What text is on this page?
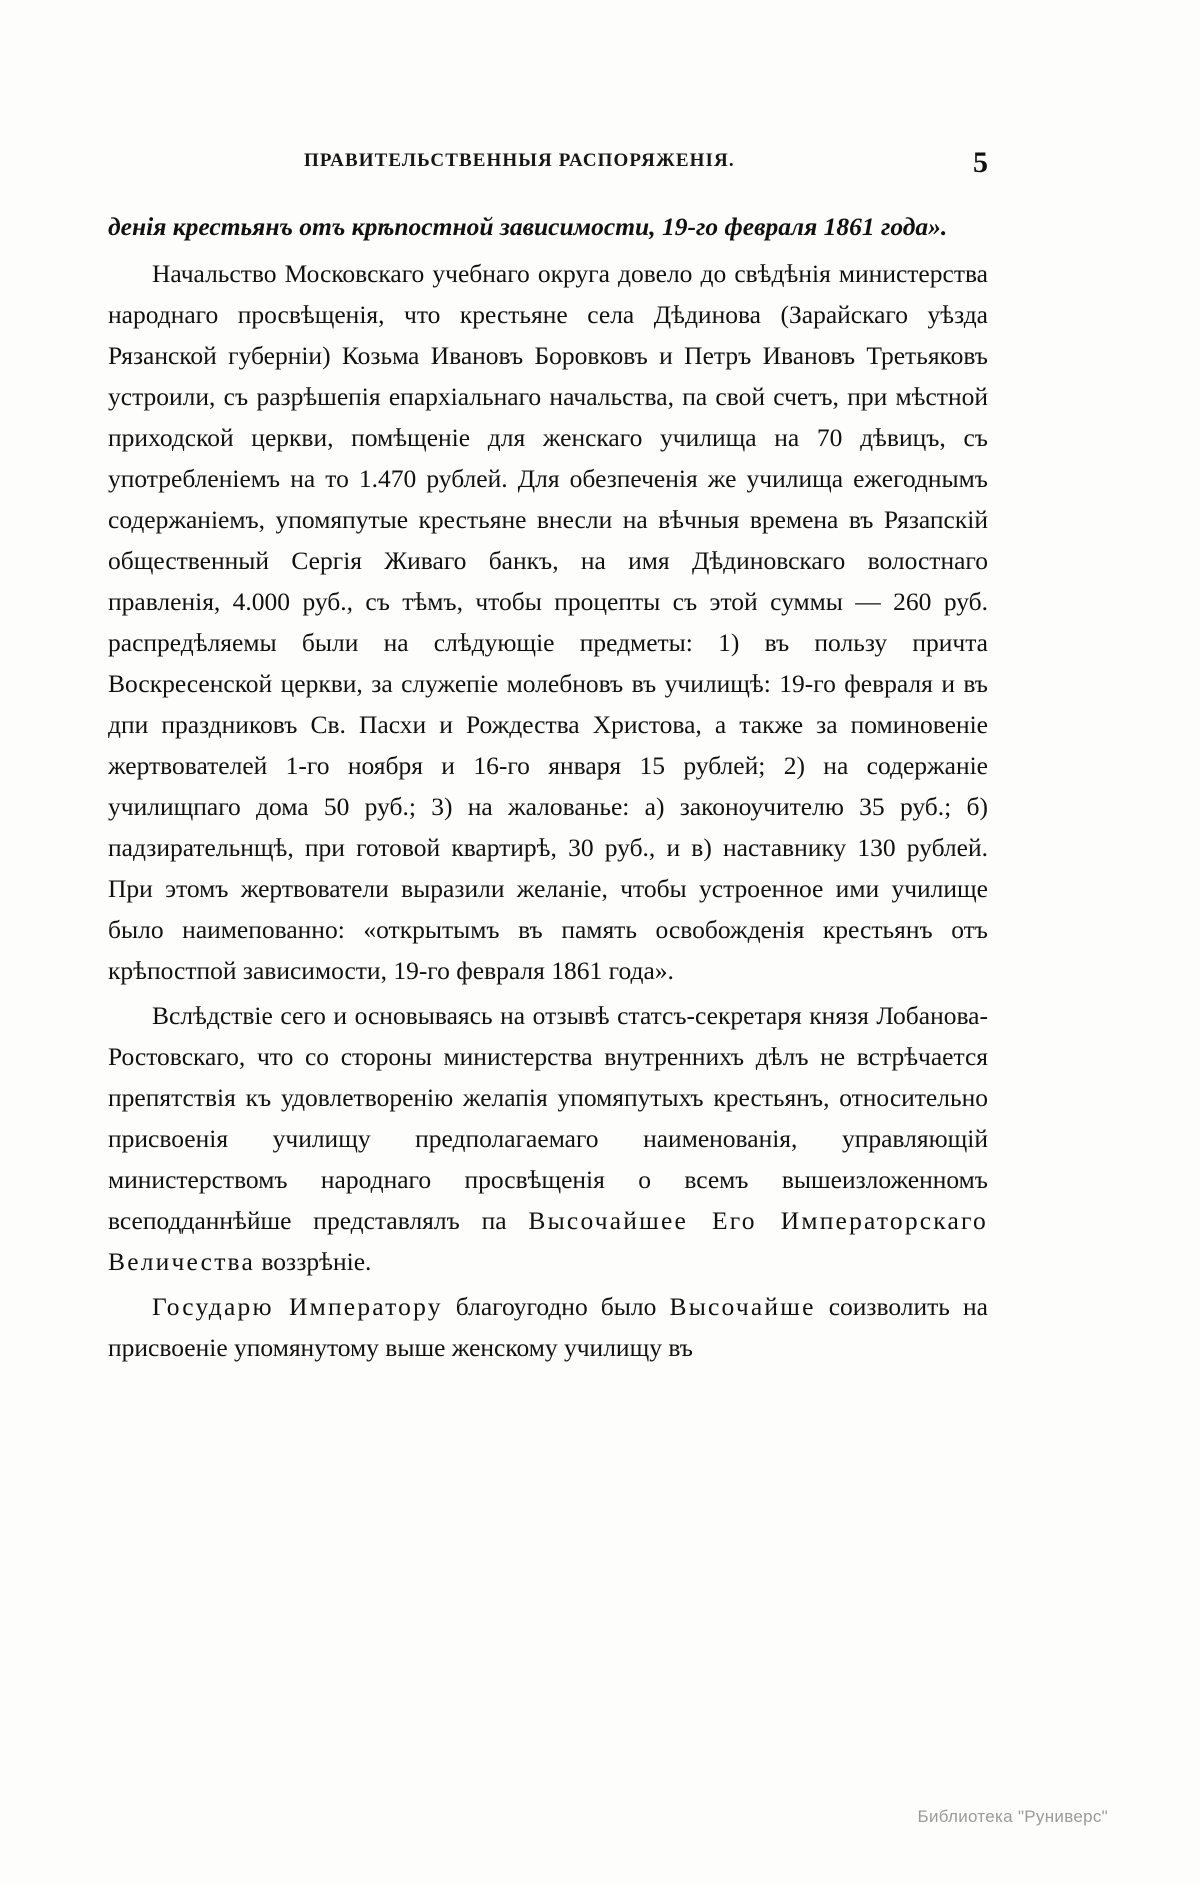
ПРАВИТЕЛЬСТВЕННЫЯ РАСПОРЯЖЕНІЯ.	5

денія крестьянъ отъ крѣпостной зависимости, 19-го февраля 1861 года».

Начальство Московскаго учебнаго округа довело до свѣдѣнія министерства народнаго просвѣщенія, что крестьяне села Дѣдинова (Зарайскаго уѣзда Рязанской губерніи) Козьма Ивановъ Боровковъ и Петръ Ивановъ Третьяковъ устроили, съ разрѣшепія епархіальнаго начальства, па свой счетъ, при мѣстной приходской церкви, помѣщеніе для женскаго училища на 70 дѣвицъ, съ употребленіемъ на то 1.470 рублей. Для обезпеченія же училища ежегоднымъ содержаніемъ, упомяпутые крестьяне внесли на вѣчныя времена въ Рязапскій общественный Сергія Живаго банкъ, на имя Дѣдиновскаго волостнаго правленія, 4.000 руб., съ тѣмъ, чтобы процепты съ этой суммы — 260 руб. распредѣляемы были на слѣдующіе предметы: 1) въ пользу причта Воскресенской церкви, за служепіе молебновъ въ училищѣ: 19-го февраля и въ дпи праздниковъ Св. Пасхи и Рождества Христова, а также за поминовеніе жертвователей 1-го ноября и 16-го января 15 рублей; 2) на содержаніе училищпаго дома 50 руб.; 3) на жалованье: а) законоучителю 35 руб.; б) падзирательнщѣ, при готовой квартирѣ, 30 руб., и в) наставнику 130 рублей. При этомъ жертвователи выразили желаніе, чтобы устроенное ими училище было наимепованно: «открытымъ въ память освобожденія крестьянъ отъ крѣпостпой зависимости, 19-го февраля 1861 года».

Вслѣдствіе сего и основываясь на отзывѣ статсъ-секретаря князя Лобанова-Ростовскаго, что со стороны министерства внутреннихъ дѣлъ не встрѣчается препятствія къ удовлетворенію желапія упомяпутыхъ крестьянъ, относительно присвоенія училищу предполагаемаго наименованія, управляющій министерствомъ народнаго просвѣщенія о всемъ вышеизложенномъ всеподданнѣйше представлялъ па Высочайшее Его Императорскаго Величества воззрѣніе.

Государю Императору благоугодно было Высочайше соизволить на присвоеніе упомянутому выше женскому училищу въ

Библиотека "Руниверс"
